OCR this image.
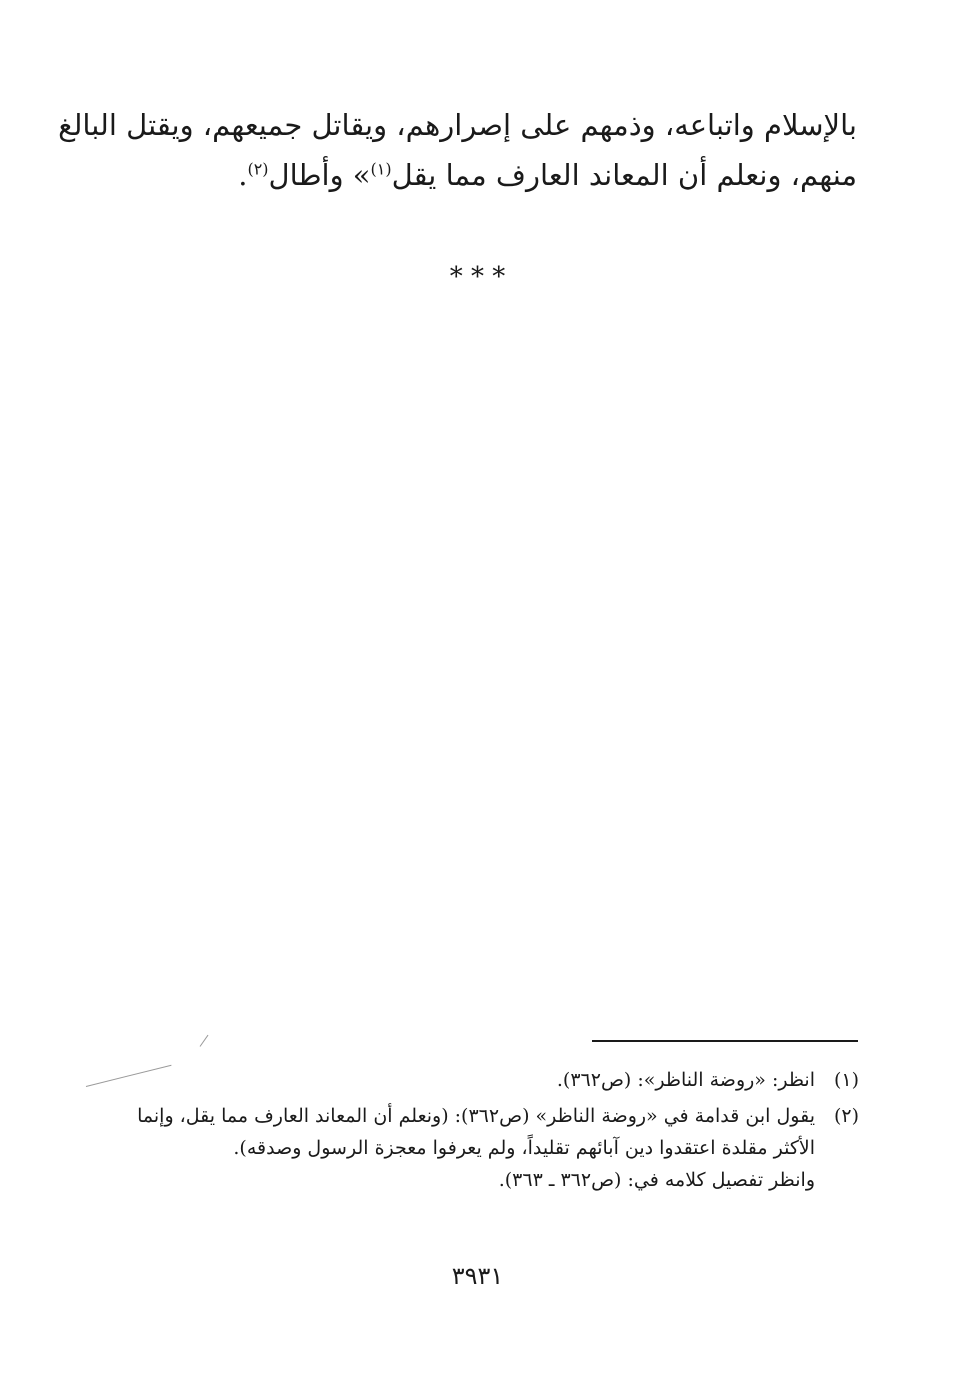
بالإسلام واتباعه، وذمهم على إصرارهم، ويقاتل جميعهم، ويقتل البالغ
منهم، ونعلم أن المعاند العارف مما يقل$^{(١)}$» وأطال$^{(٢)}$.
* * *
(١)
انظر: «روضة الناظر»: (ص٣٦٢).
(٢)
يقول ابن قدامة في «روضة الناظر» (ص٣٦٢): (ونعلم أن المعاند العارف مما يقل، وإنما
الأكثر مقلدة اعتقدوا دين آبائهم تقليداً، ولم يعرفوا معجزة الرسول وصدقه).
وانظر تفصيل كلامه في: (ص٣٦٢ ـ ٣٦٣).
٣٩٣١
